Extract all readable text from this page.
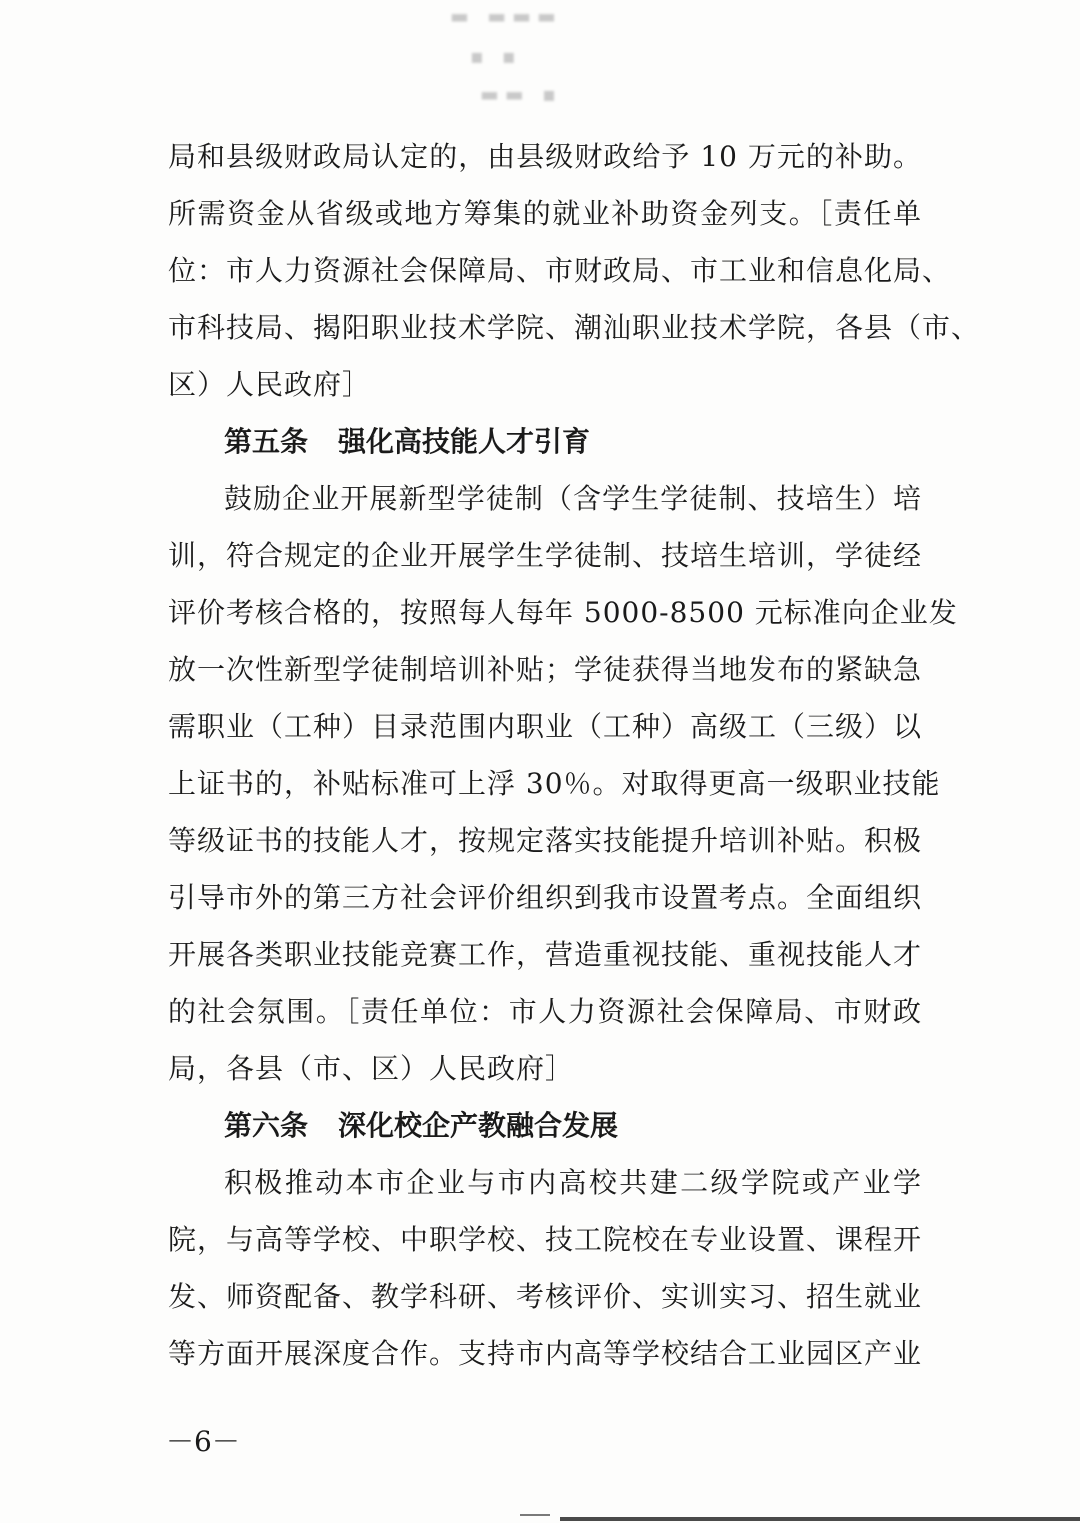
▬ ▬▬▬
▪ ▪
▬▬ ▪
局和县级财政局认定的，由县级财政给予 10 万元的补助。
所需资金从省级或地方筹集的就业补助资金列支。［责任单
位：市人力资源社会保障局、市财政局、市工业和信息化局、
市科技局、揭阳职业技术学院、潮汕职业技术学院，各县（市、
区）人民政府］
第五条 强化高技能人才引育
鼓励企业开展新型学徒制（含学生学徒制、技培生）培
训，符合规定的企业开展学生学徒制、技培生培训，学徒经
评价考核合格的，按照每人每年 5000-8500 元标准向企业发
放一次性新型学徒制培训补贴；学徒获得当地发布的紧缺急
需职业（工种）目录范围内职业（工种）高级工（三级）以
上证书的，补贴标准可上浮 30％。对取得更高一级职业技能
等级证书的技能人才，按规定落实技能提升培训补贴。积极
引导市外的第三方社会评价组织到我市设置考点。全面组织
开展各类职业技能竞赛工作，营造重视技能、重视技能人才
的社会氛围。［责任单位：市人力资源社会保障局、市财政
局，各县（市、区）人民政府］
第六条 深化校企产教融合发展
积极推动本市企业与市内高校共建二级学院或产业学
院，与高等学校、中职学校、技工院校在专业设置、课程开
发、师资配备、教学科研、考核评价、实训实习、招生就业
等方面开展深度合作。支持市内高等学校结合工业园区产业
－6－
